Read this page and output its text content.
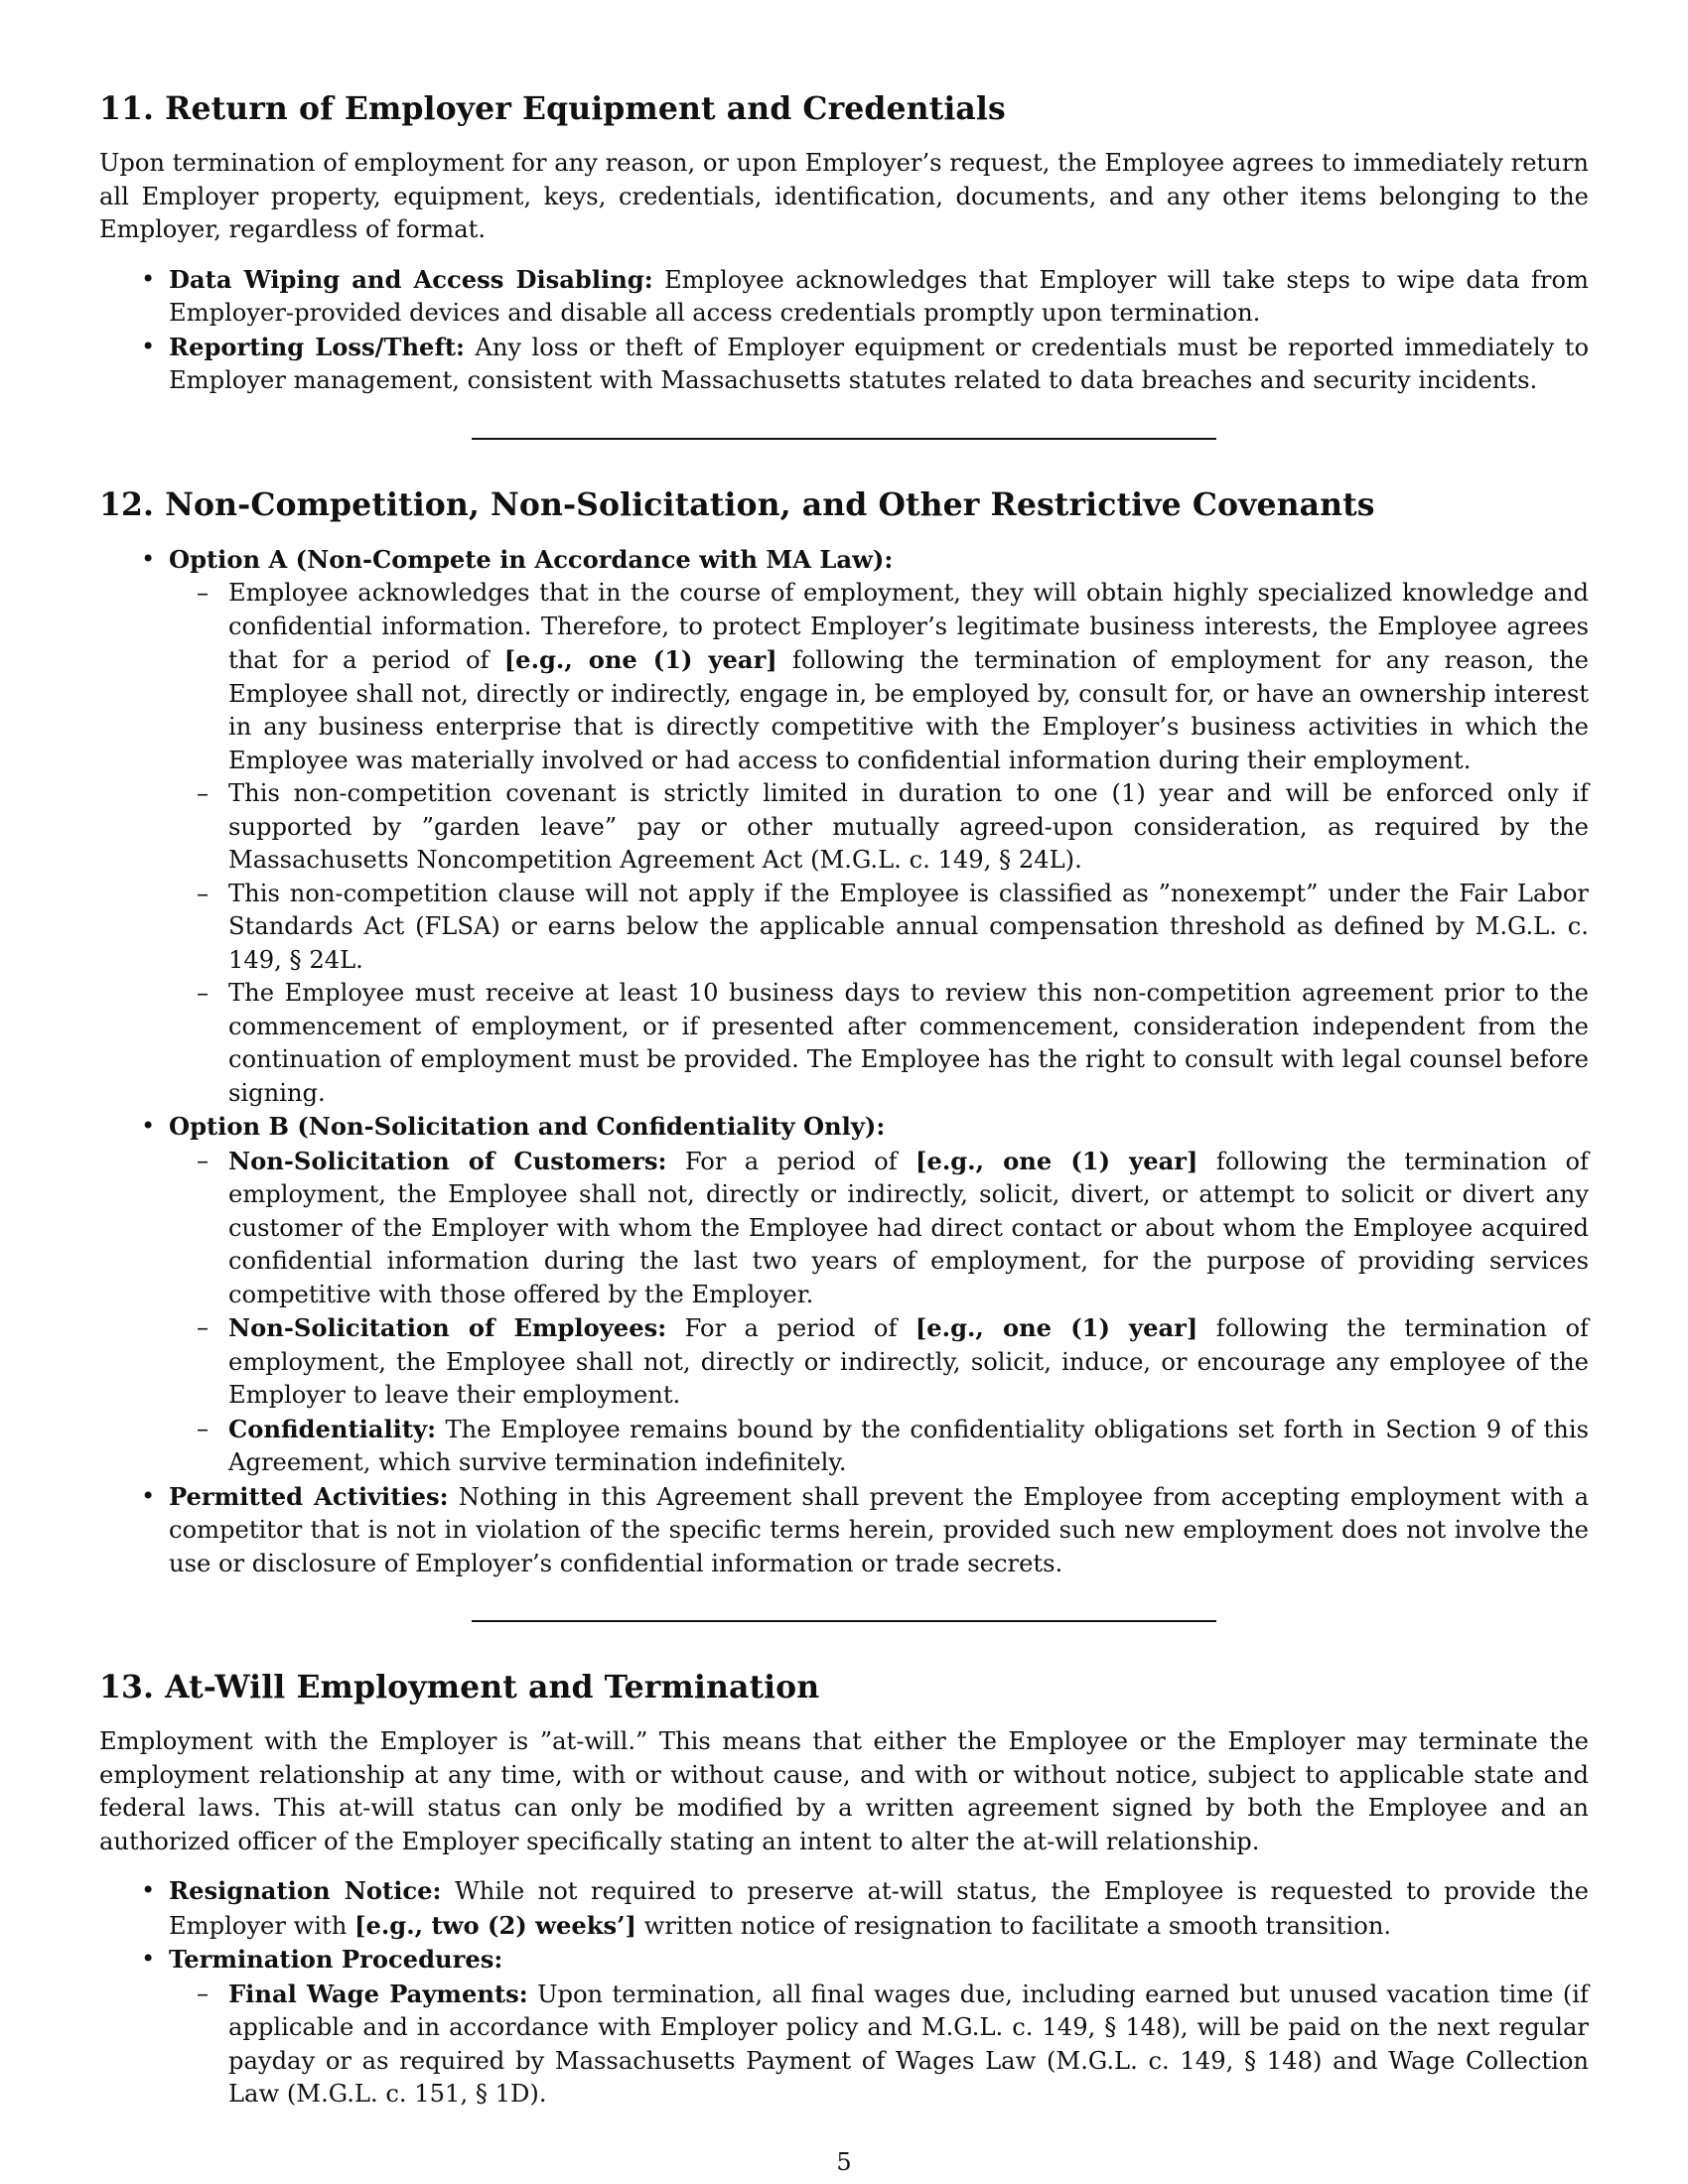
11. Return of Employer Equipment and Credentials

Upon termination of employment for any reason, or upon Employer’s request, the Employee agrees to immediately return all Employer property, equipment, keys, credentials, identification, documents, and any other items belonging to the Employer, regardless of format.

• Data Wiping and Access Disabling: Employee acknowledges that Employer will take steps to wipe data from Employer-provided devices and disable all access credentials promptly upon termination.
• Reporting Loss/Theft: Any loss or theft of Employer equipment or credentials must be reported immediately to Employer management, consistent with Massachusetts statutes related to data breaches and security incidents.
12. Non-Competition, Non-Solicitation, and Other Restrictive Covenants
• Option A (Non-Compete in Accordance with MA Law):
– Employee acknowledges that in the course of employment, they will obtain highly specialized knowledge and confidential information. Therefore, to protect Employer’s legitimate business interests, the Employee agrees that for a period of [e.g., one (1) year] following the termination of employment for any reason, the Employee shall not, directly or indirectly, engage in, be employed by, consult for, or have an ownership interest in any business enterprise that is directly competitive with the Employer’s business activities in which the Employee was materially involved or had access to confidential information during their employment.
– This non-competition covenant is strictly limited in duration to one (1) year and will be enforced only if supported by ”garden leave” pay or other mutually agreed-upon consideration, as required by the Massachusetts Noncompetition Agreement Act (M.G.L. c. 149, § 24L).
– This non-competition clause will not apply if the Employee is classified as ”nonexempt” under the Fair Labor Standards Act (FLSA) or earns below the applicable annual compensation threshold as defined by M.G.L. c. 149, § 24L.
– The Employee must receive at least 10 business days to review this non-competition agreement prior to the commencement of employment, or if presented after commencement, consideration independent from the continuation of employment must be provided. The Employee has the right to consult with legal counsel before signing.
• Option B (Non-Solicitation and Confidentiality Only):
– Non-Solicitation of Customers: For a period of [e.g., one (1) year] following the termination of employment, the Employee shall not, directly or indirectly, solicit, divert, or attempt to solicit or divert any customer of the Employer with whom the Employee had direct contact or about whom the Employee acquired confidential information during the last two years of employment, for the purpose of providing services competitive with those offered by the Employer.
– Non-Solicitation of Employees: For a period of [e.g., one (1) year] following the termination of employment, the Employee shall not, directly or indirectly, solicit, induce, or encourage any employee of the Employer to leave their employment.
– Confidentiality: The Employee remains bound by the confidentiality obligations set forth in Section 9 of this Agreement, which survive termination indefinitely.
• Permitted Activities: Nothing in this Agreement shall prevent the Employee from accepting employment with a competitor that is not in violation of the specific terms herein, provided such new employment does not involve the use or disclosure of Employer’s confidential information or trade secrets.
13. At-Will Employment and Termination

Employment with the Employer is ”at-will.” This means that either the Employee or the Employer may terminate the employment relationship at any time, with or without cause, and with or without notice, subject to applicable state and federal laws. This at-will status can only be modified by a written agreement signed by both the Employee and an authorized officer of the Employer specifically stating an intent to alter the at-will relationship.

• Resignation Notice: While not required to preserve at-will status, the Employee is requested to provide the Employer with [e.g., two (2) weeks’] written notice of resignation to facilitate a smooth transition.
• Termination Procedures:
– Final Wage Payments: Upon termination, all final wages due, including earned but unused vacation time (if applicable and in accordance with Employer policy and M.G.L. c. 149, § 148), will be paid on the next regular payday or as required by Massachusetts Payment of Wages Law (M.G.L. c. 149, § 148) and Wage Collection Law (M.G.L. c. 151, § 1D).
5
